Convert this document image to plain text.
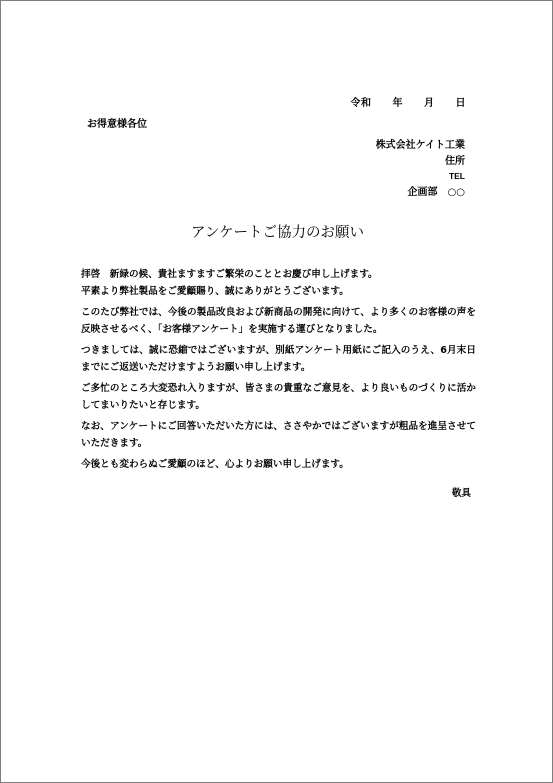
令和　　年　　月　　日
お得意様各位
株式会社ケイト工業
住所
TEL
企画部　○○
アンケートご協力のお願い

拝啓　新緑の候、貴社ますますご繁栄のこととお慶び申し上げます。

平素より弊社製品をご愛顧賜り、誠にありがとうございます。

このたび弊社では、今後の製品改良および新商品の開発に向けて、より多くのお客様の声を反映させるべく、「お客様アンケート」を実施する運びとなりました。

つきましては、誠に恐縮ではございますが、別紙アンケート用紙にご記入のうえ、6月末日までにご返送いただけますようお願い申し上げます。

ご多忙のところ大変恐れ入りますが、皆さまの貴重なご意見を、より良いものづくりに活かしてまいりたいと存じます。

なお、アンケートにご回答いただいた方には、ささやかではございますが粗品を進呈させていただきます。

今後とも変わらぬご愛顧のほど、心よりお願い申し上げます。

敬具
